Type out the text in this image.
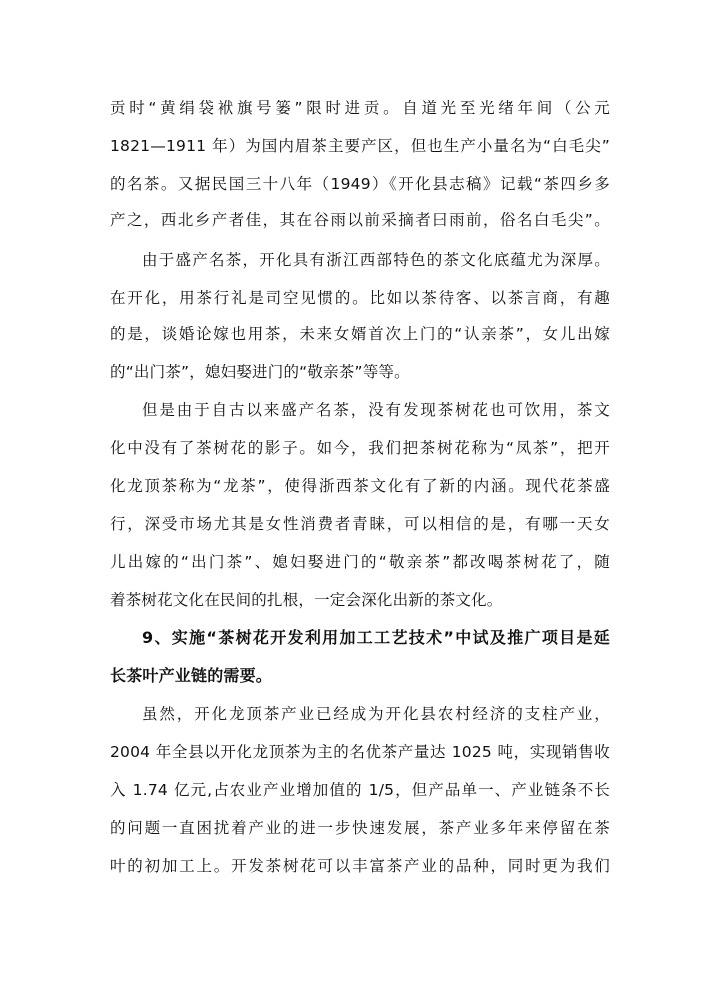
贡时“黄绢袋袱旗号篓”限时进贡。自道光至光绪年间（公元
1821—1911 年）为国内眉茶主要产区，但也生产小量名为“白毛尖”
的名茶。又据民国三十八年（1949）《开化县志稿》记载“茶四乡多
产之，西北乡产者佳，其在谷雨以前采摘者曰雨前，俗名白毛尖”。
由于盛产名茶，开化具有浙江西部特色的茶文化底蕴尤为深厚。
在开化，用茶行礼是司空见惯的。比如以茶待客、以茶言商，有趣
的是，谈婚论嫁也用茶，未来女婿首次上门的“认亲茶”，女儿出嫁
的“出门茶”，媳妇娶进门的“敬亲茶”等等。
但是由于自古以来盛产名茶，没有发现茶树花也可饮用，茶文
化中没有了茶树花的影子。如今，我们把茶树花称为“凤茶”，把开
化龙顶茶称为“龙茶”，使得浙西茶文化有了新的内涵。现代花茶盛
行，深受市场尤其是女性消费者青睐，可以相信的是，有哪一天女
儿出嫁的“出门茶”、媳妇娶进门的“敬亲茶”都改喝茶树花了，随
着茶树花文化在民间的扎根，一定会深化出新的茶文化。
9、实施“茶树花开发利用加工工艺技术”中试及推广项目是延
长茶叶产业链的需要。
虽然，开化龙顶茶产业已经成为开化县农村经济的支柱产业，
2004 年全县以开化龙顶茶为主的名优茶产量达 1025 吨，实现销售收
入 1.74 亿元,占农业产业增加值的 1/5，但产品单一、产业链条不长
的问题一直困扰着产业的进一步快速发展，茶产业多年来停留在茶
叶的初加工上。开发茶树花可以丰富茶产业的品种，同时更为我们
